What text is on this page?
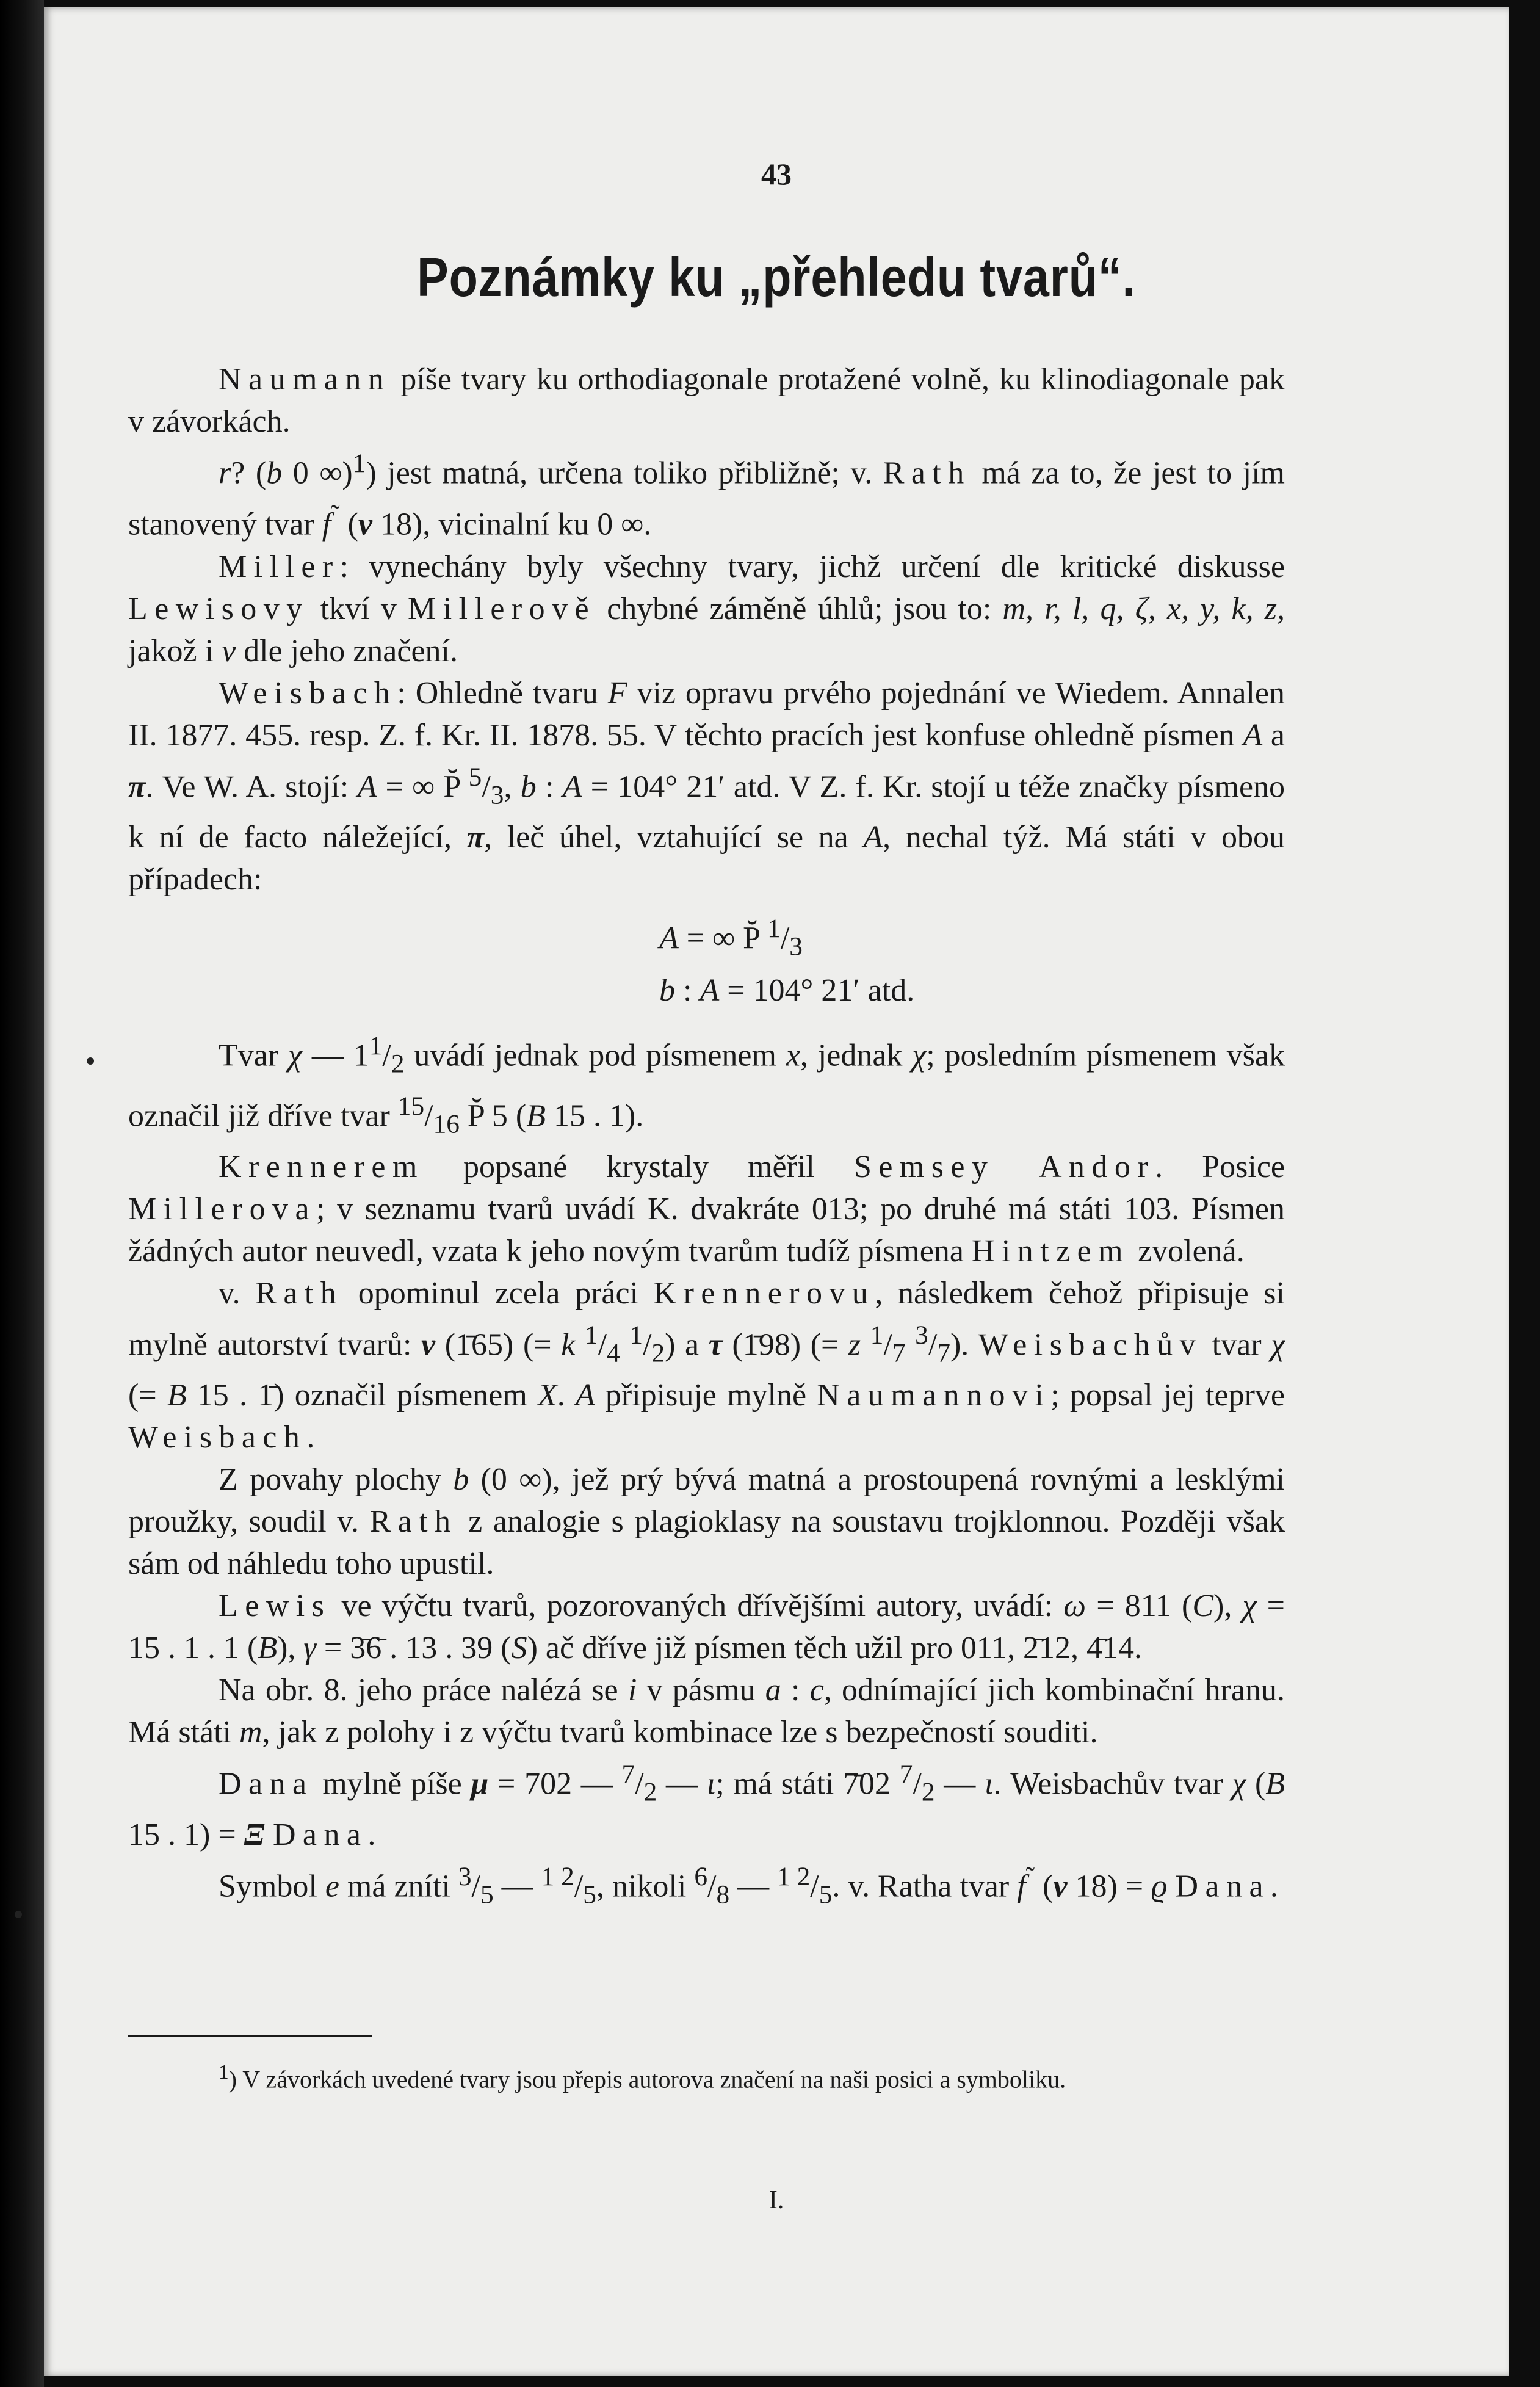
43
Poznámky ku „přehledu tvarů“.

Naumann píše tvary ku orthodiagonale protažené volně, ku klinodiagonale pak v závorkách.

r? (b 0 ∞)$^1$) jest matná, určena toliko přibližně; v. Rath má za to, že jest to jím stanovený tvar f˜ (v 18), vicinalní ku 0 ∞.

Miller: vynechány byly všechny tvary, jichž určení dle kritické diskusse Lewisovy tkví v Millerově chybné záměně úhlů; jsou to: m, r, l, q, ζ, x, y, k, z, jakož i v dle jeho značení.

Weisbach: Ohledně tvaru F viz opravu prvého pojednání ve Wiedem. Annalen II. 1877. 455. resp. Z. f. Kr. II. 1878. 55. V těchto pracích jest konfuse ohledně písmen A a π. Ve W. A. stojí: A = ∞ P̆ $^5/_3$, b : A = 104° 21′ atd. V Z. f. Kr. stojí u téže značky písmeno k ní de facto náležející, π, leč úhel, vztahující se na A, nechal týž. Má státi v obou případech:

A = ∞ P̆ $^1/_3$
b : A = 104° 21′ atd.

Tvar χ — $1^1/_2$ uvádí jednak pod písmenem x, jednak χ; posledním písmenem však označil již dříve tvar $^{15}/_{16}$ P̆ 5 (B 15 . 1).

Krennerem popsané krystaly měřil Semsey Andor. Posice Millerova; v seznamu tvarů uvádí K. dvakráte 013; po druhé má státi 103. Písmen žádných autor neuvedl, vzata k jeho novým tvarům tudíž písmena Hintzem zvolená.

v. Rath opominul zcela práci Krennerovu, následkem čehož připisuje si mylně autorství tvarů: v (1̄65) (= k $^1/_4$ $^1/_2$) a τ (1̄98) (= z $^1/_7$ $^3/_7$). Weisbachův tvar χ (= B 15 . 1̄) označil písmenem X. A připisuje mylně Naumannovi; popsal jej teprve Weisbach.

Z povahy plochy b (0 ∞), jež prý bývá matná a prostoupená rovnými a lesklými proužky, soudil v. Rath z analogie s plagioklasy na soustavu trojklonnou. Později však sám od náhledu toho upustil.

Lewis ve výčtu tvarů, pozorovaných dřívějšími autory, uvádí: ω = 811 (C), χ = 15 . 1 . 1 (B), γ = 3̄6̄ . 13 . 39 (S) ač dříve již písmen těch užil pro 011, 2̄12, 4̄14.

Na obr. 8. jeho práce nalézá se i v pásmu a : c, odnímající jich kombinační hranu. Má státi m, jak z polohy i z výčtu tvarů kombinace lze s bezpečností souditi.

Dana mylně píše μ = 702 — $^7/_2$ — ι; má státi 7̄02 $^7/_2$ — ι. Weisbachův tvar χ (B 15 . 1) = Ξ Dana.

Symbol e má zníti $^3/_5$ — $^{1 2}/_5$, nikoli $^6/_8$ — $^{1 2}/_5$. v. Ratha tvar f˜ (v 18) = ϱ Dana.

$^1$) V závorkách uvedené tvary jsou přepis autorova značení na naši posici a symboliku.

I.
